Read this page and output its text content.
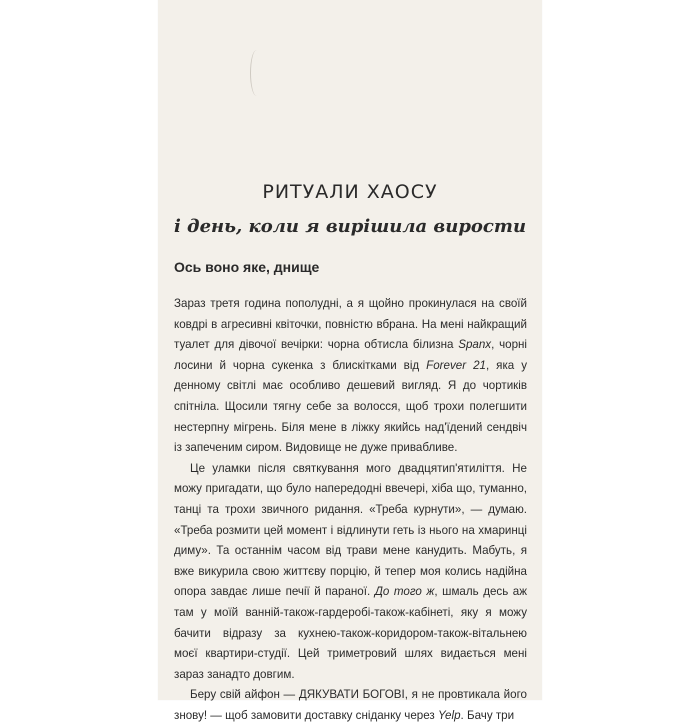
РИТУАЛИ ХАОСУ
і день, коли я вирішила вирости
Ось воно яке, днище

Зараз третя година пополудні, а я щойно прокинулася на своїй ковдрі в агресивні квіточки, повністю вбрана. На мені найкращий туалет для дівочої вечірки: чорна обтисла білизна Spanx, чорні лосини й чорна сукенка з блискітками від Forever 21, яка у денному світлі має особливо дешевий вигляд. Я до чортиків спітніла. Щосили тягну себе за волосся, щоб трохи полегшити нестерпну мігрень. Біля мене в ліжку якийсь над'їдений сендвіч із запеченим сиром. Видовище не дуже привабливе.

Це уламки після святкування мого двадцятип'ятиліття. Не можу пригадати, що було напередодні ввечері, хіба що, туманно, танці та трохи звичного ридання. «Треба курнути», — думаю. «Треба розмити цей момент і відлинути геть із нього на хмаринці диму». Та останнім часом від трави мене канудить. Мабуть, я вже викурила свою життєву порцію, й тепер моя колись надійна опора завдає лише печії й параної. До того ж, шмаль десь аж там у моїй ванній-також-гардеробі-також-кабінеті, яку я можу бачити відразу за кухнею-також-коридором-також-вітальнею моєї квартири-студії. Цей триметровий шлях видається мені зараз занадто довгим.

Беру свій айфон — ДЯКУВАТИ БОГОВІ, я не провтикала його знову! — щоб замовити доставку сніданку через Yelp. Бачу три
